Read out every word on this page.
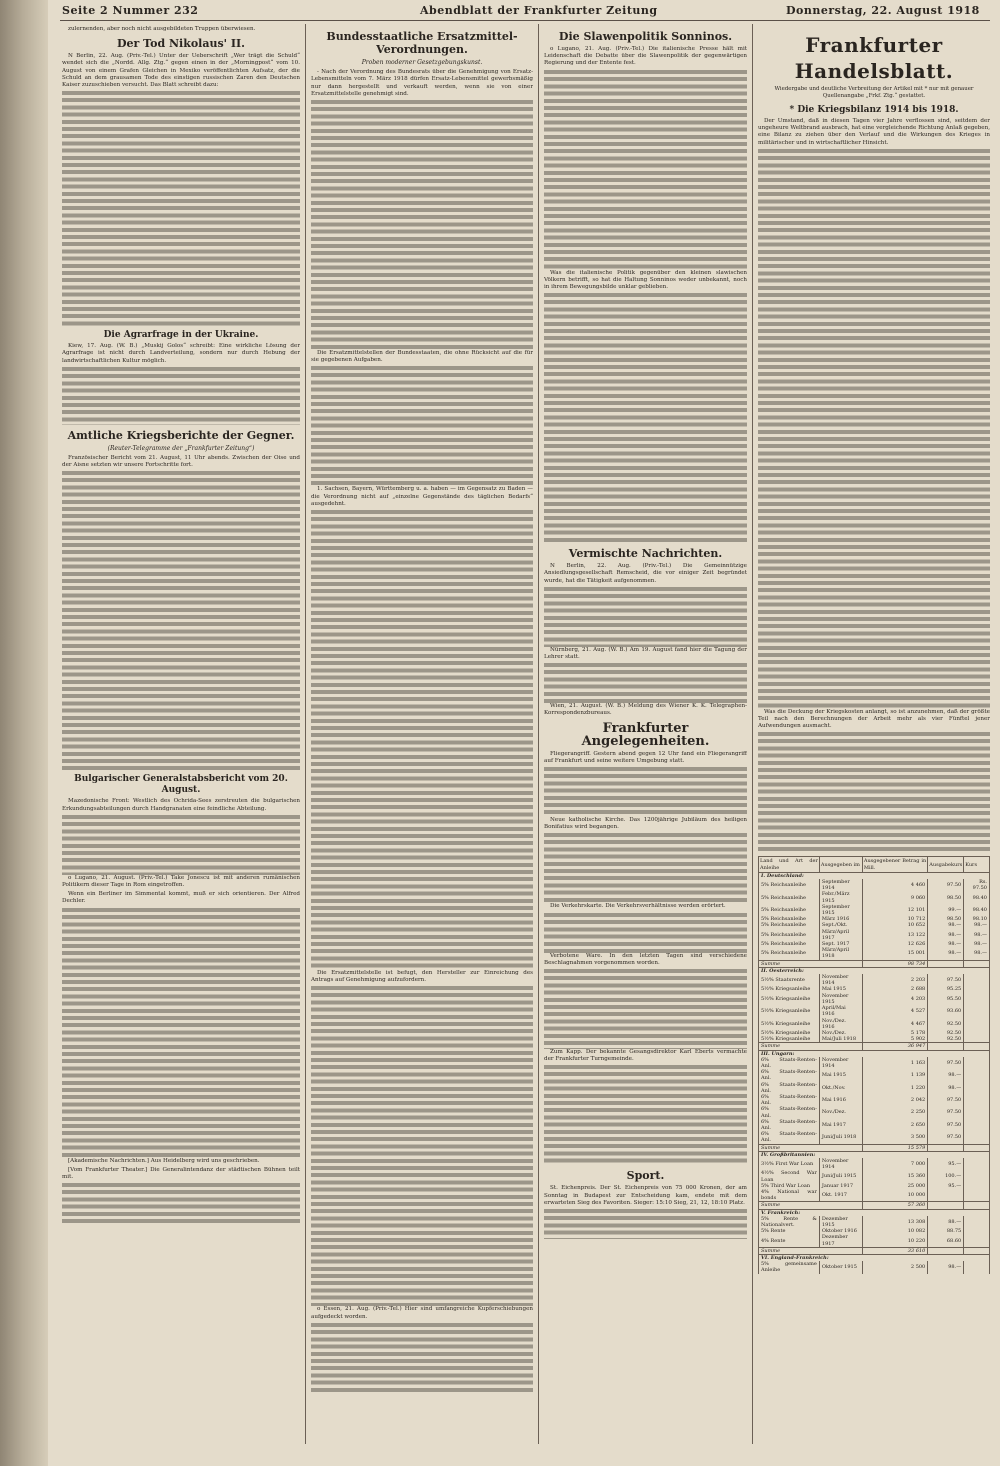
Seite 2 Nummer 232	Abendblatt der Frankfurter Zeitung	Donnerstag, 22. August 1918

zulernenden, aber noch nicht ausgebildeten Truppen überwiesen.

Der Tod Nikolaus' II.

N Berlin, 22. Aug. (Priv.-Tel.) Unter der Ueberschrift „Wer trägt die Schuld“ wendet sich die „Nordd. Allg. Ztg.“ gegen einen in der „Morningpost“ vom 10. August von einem Grafen Gleichen in Mexiko veröffentlichten Aufsatz, der die Schuld an dem grausamen Tode des einstigen russischen Zaren den Deutschen Kaiser zuzuschieben versucht. Das Blatt schreibt dazu:

Die Agrarfrage in der Ukraine.

Kiew, 17. Aug. (W. B.) „Muskij Golos“ schreibt: Eine wirkliche Lösung der Agrarfrage ist nicht durch Landverteilung, sondern nur durch Hebung der landwirtschaftlichen Kultur möglich.

Amtliche Kriegsberichte der Gegner.
(Reuter-Telegramme der „Frankfurter Zeitung“)

Französischer Bericht vom 21. August, 11 Uhr abends. Zwischen der Oise und der Aisne setzten wir unsere Fortschritte fort.

Bulgarischer Generalstabsbericht vom 20. August.

Mazedonische Front: Westlich des Ochrida-Sees zerstreuten die bulgarischen Erkundungsabteilungen durch Handgranaten eine feindliche Abteilung.

o Lugano, 21. August. (Priv.-Tel.) Take Jonescu ist mit anderen rumänischen Politikern dieser Tage in Rom eingetroffen.

Wenn ein Berliner im Simmental kommt, muß er sich orientieren. Der Alfred Dechler.

[Akademische Nachrichten.] Aus Heidelberg wird uns geschrieben.

[Vom Frankfurter Theater.] Die Generalintendanz der städtischen Bühnen teilt mit.

Bundesstaatliche Ersatzmittel-Verordnungen.
Proben moderner Gesetzgebungskunst.

- Nach der Verordnung des Bundesrats über die Genehmigung von Ersatz-Lebensmitteln vom 7. März 1918 dürfen Ersatz-Lebensmittel gewerbsmäßig nur dann hergestellt und verkauft werden, wenn sie von einer Ersatzmittelstelle genehmigt sind.

Die Ersatzmittelstellen der Bundesstaaten, die ohne Rücksicht auf die für sie gegebenen Aufgaben.

1. Sachsen, Bayern, Württemberg u. a. haben — im Gegensatz zu Baden — die Verordnung nicht auf „einzelne Gegenstände des täglichen Bedarfs“ ausgedehnt.

Die Ersatzmittelstelle ist befugt, den Hersteller zur Einreichung des Antrags auf Genehmigung aufzufordern.

o Essen, 21. Aug. (Priv.-Tel.) Hier sind umfangreiche Kupferschiebungen aufgedeckt worden.

Die Slawenpolitik Sonninos.

o Lugano, 21. Aug. (Priv.-Tel.) Die italienische Presse hält mit Leidenschaft die Debatte über die Slawenpolitik der gegenwärtigen Regierung und der Entente fest.

Was die italienische Politik gegenüber den kleinen slawischen Völkern betrifft, so hat die Haltung Sonninos weder unbekannt, noch in ihrem Bewegungsbilde unklar geblieben.

Vermischte Nachrichten.

N Berlin, 22. Aug. (Priv.-Tel.) Die Gemeinnützige Ansiedlungsgesellschaft Remscheid, die vor einiger Zeit begründet wurde, hat die Tätigkeit aufgenommen.

Nürnberg, 21. Aug. (W. B.) Am 19. August fand hier die Tagung der Lehrer statt.

Wien, 21. August. (W. B.) Meldung des Wiener K. K. Telegraphen-Korrespondenzbureaus.

Frankfurter Angelegenheiten.

Fliegerangriff. Gestern abend gegen 12 Uhr fand ein Fliegerangriff auf Frankfurt und seine weitere Umgebung statt.

Neue katholische Kirche. Das 1200jährige Jubiläum des heiligen Bonifatius wird begangen.

Die Verkehrskarte. Die Verkehrsverhältnisse werden erörtert.

Verbotene Ware. In den letzten Tagen sind verschiedene Beschlagnahmen vorgenommen worden.

Zum Kapp. Der bekannte Gesangsdirektor Karl Eberts vermachte der Frankfurter Turngemeinde.

Sport.

St. Eichenpreis. Der St. Eichenpreis von 75 000 Kronen, der am Sonntag in Budapest zur Entscheidung kam, endete mit dem erwarteten Sieg des Favoriten. Sieger: 15:10 Sieg, 21, 12, 18:10 Platz.

Frankfurter Handelsblatt.
Wiedergabe und deutliche Verbreitung der Artikel mit * nur mit genauer Quellenangabe „Frkf. Ztg.“ gestattet.
* Die Kriegsbilanz 1914 bis 1918.

Der Umstand, daß in diesen Tagen vier Jahre verflossen sind, seitdem der ungeheure Weltbrand ausbrach, hat eine vergleichende Richtung Anlaß gegeben, eine Bilanz zu ziehen über den Verlauf und die Wirkungen des Krieges in militärischer und in wirtschaftlicher Hinsicht.

Was die Deckung der Kriegskosten anlangt, so ist anzunehmen, daß der größte Teil nach den Berechnungen der Arbeit mehr als vier Fünftel jener Aufwendungen ausmacht.

Land und Art der Anleihe	Ausgegeben im	Ausgegebener Betrag in Mill.	Ausgabekurs	Kurs
I. Deutschland:				
5% Reichsanleihe	September 1914	4 460	97.50	Rs. 97.50
5% Reichsanleihe	Febr./März 1915	9 060	98.50	98.40
5% Reichsanleihe	September 1915	12 101	99.—	98.40
5% Reichsanleihe	März 1916	10 712	98.50	98.10
5% Reichsanleihe	Sept./Okt.	10 652	98.—	98.—
5% Reichsanleihe	März/April 1917	13 122	98.—	98.—
5% Reichsanleihe	Sept. 1917	12 626	98.—	98.—
5% Reichsanleihe	März/April 1918	15 001	98.—	98.—
Summe		98 734		
II. Oesterreich:				
5½% Staatsrente	November 1914	2 203	97.50	
5½% Kriegsanleihe	Mai 1915	2 688	95.25	
5½% Kriegsanleihe	November 1915	4 203	95.50	
5½% Kriegsanleihe	April/Mai 1916	4 527	93.60	
5½% Kriegsanleihe	Nov./Dez. 1916	4 467	92.50	
5½% Kriegsanleihe	Nov./Dez.	5 178	92.50	
5½% Kriegsanleihe	Mai/Juli 1918	5 902	92.50	
Summe		36 947		
III. Ungarn:				
6% Staats-Renten-Anl.	November 1914	1 163	97.50	
6% Staats-Renten-Anl.	Mai 1915	1 139	98.—	
6% Staats-Renten-Anl.	Okt./Nov.	1 220	98.—	
6% Staats-Renten-Anl.	Mai 1916	2 042	97.50	
6% Staats-Renten-Anl.	Nov./Dez.	2 250	97.50	
6% Staats-Renten-Anl.	Mai 1917	2 650	97.50	
6% Staats-Renten-Anl.	Juni/Juli 1918	3 500	97.50	
Summe		15 579		
IV. Großbritannien:				
3½% First War Loan	November 1914	7 000	95.—	
4½% Second War Loan	Juni/Juli 1915	15 360	100.—	
5% Third War Loan	Januar 1917	25 000	95.—	
4% National war bonds	Okt. 1917	10 000		
Summe		57 360		
V. Frankreich:				
5% Rente & Nationalvert.	Dezember 1915	13 308	88.—	
5% Rente	Oktober 1916	10 082	88.75	
4% Rente	Dezember 1917	10 220	68.60	
Summe		33 610		
VI. England-Frankreich:				
5% gemeinsame Anleihe	Oktober 1915	2 500	98.—	
